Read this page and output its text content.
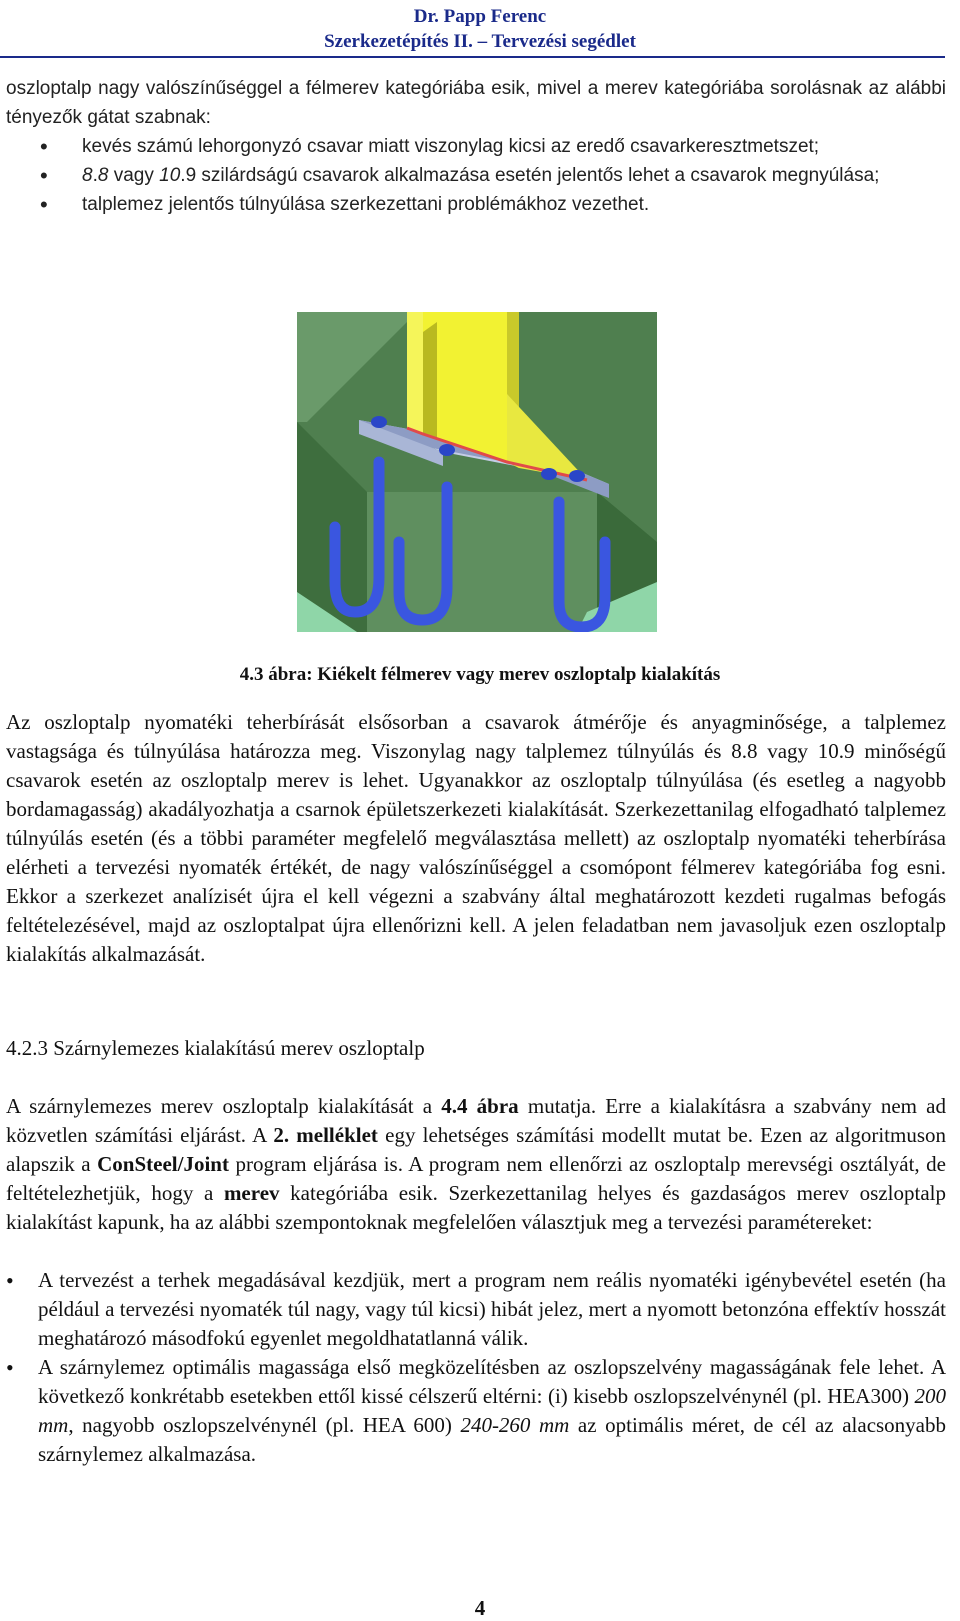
Dr. Papp Ferenc
Szerkezetépítés II. – Tervezési segédlet
oszloptalp nagy valószínűséggel a félmerev kategóriába esik, mivel a merev kategóriába sorolásnak az alábbi tényezők gátat szabnak:
• kevés számú lehorgonyzó csavar miatt viszonylag kicsi az eredő csavarkeresztmetszet;
• 8.8 vagy 10.9 szilárdságú csavarok alkalmazása esetén jelentős lehet a csavarok megnyúlása;
• talplemez jelentős túlnyúlása szerkezettani problémákhoz vezethet.
4.3 ábra: Kiékelt félmerev vagy merev oszloptalp kialakítás
Az oszloptalp nyomatéki teherbírását elsősorban a csavarok átmérője és anyagminősége, a talplemez vastagsága és túlnyúlása határozza meg. Viszonylag nagy talplemez túlnyúlás és 8.8 vagy 10.9 minőségű csavarok esetén az oszloptalp merev is lehet. Ugyanakkor az oszloptalp túlnyúlása (és esetleg a nagyobb bordamagasság) akadályozhatja a csarnok épületszerkezeti kialakítását. Szerkezettanilag elfogadható talplemez túlnyúlás esetén (és a többi paraméter megfelelő megválasztása mellett) az oszloptalp nyomatéki teherbírása elérheti a tervezési nyomaték értékét, de nagy valószínűséggel a csomópont félmerev kategóriába fog esni. Ekkor a szerkezet analízisét újra el kell végezni a szabvány által meghatározott kezdeti rugalmas befogás feltételezésével, majd az oszloptalpat újra ellenőrizni kell. A jelen feladatban nem javasoljuk ezen oszloptalp kialakítás alkalmazását.
4.2.3 Szárnylemezes kialakítású merev oszloptalp
A szárnylemezes merev oszloptalp kialakítását a 4.4 ábra mutatja. Erre a kialakításra a szabvány nem ad közvetlen számítási eljárást. A 2. melléklet egy lehetséges számítási modellt mutat be. Ezen az algoritmuson alapszik a ConSteel/Joint program eljárása is. A program nem ellenőrzi az oszloptalp merevségi osztályát, de feltételezhetjük, hogy a merev kategóriába esik. Szerkezettanilag helyes és gazdaságos merev oszloptalp kialakítást kapunk, ha az alábbi szempontoknak megfelelően választjuk meg a tervezési paramétereket:
• A tervezést a terhek megadásával kezdjük, mert a program nem reális nyomatéki igénybevétel esetén (ha például a tervezési nyomaték túl nagy, vagy túl kicsi) hibát jelez, mert a nyomott betonzóna effektív hosszát meghatározó másodfokú egyenlet megoldhatatlanná válik.
• A szárnylemez optimális magassága első megközelítésben az oszlopszelvény magasságának fele lehet. A következő konkrétabb esetekben ettől kissé célszerű eltérni: (i) kisebb oszlopszelvénynél (pl. HEA300) 200 mm, nagyobb oszlopszelvénynél (pl. HEA 600) 240-260 mm az optimális méret, de cél az alacsonyabb szárnylemez alkalmazása.
4
